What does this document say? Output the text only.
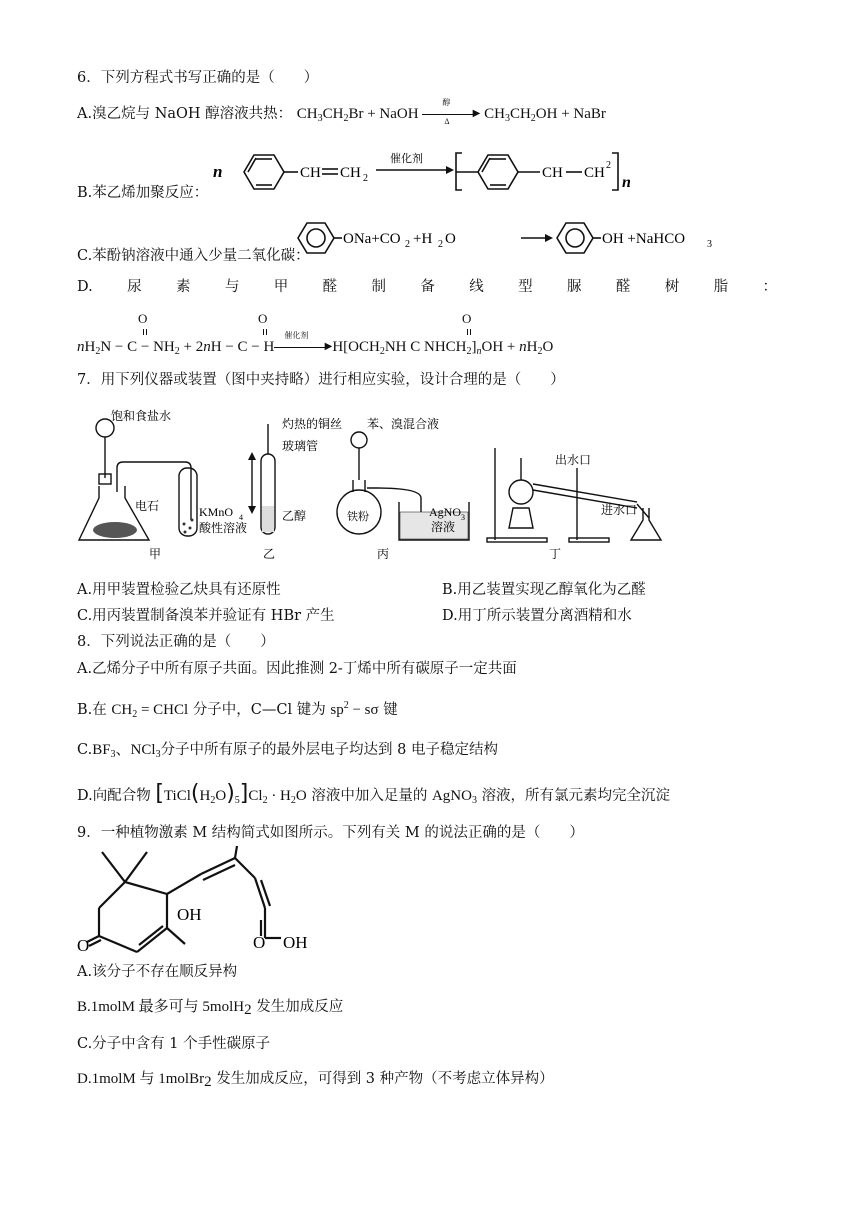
6．下列方程式书写正确的是（　　）
A.溴乙烷与 NaOH 醇溶液共热： $CH_3CH_2Br$ + NaOH	▶
醇
Δ $CH_3CH_2OH$ + NaBr
B.苯乙烯加聚反应：
n	CH CH 2
催化剂
CH CH 2
n
C.苯酚钠溶液中通入少量二氧化碳：
ONa+CO 2 +H 2 O	OH +NaHCO 3
D. 尿 素 与 甲 醛 制 备 线 型 脲 醛 树 脂 ：
O	O	O
$nH_2N - C - NH_2 + 2nH - C - H$	▶
催化剂
$H[OCH_2NH$ C $NHCH_2]_nOH + nH_2O$
7．用下列仪器或装置（图中夹持略）进行相应实验，设计合理的是（　　）
饱和食盐水
电石	KMnO 4
酸性溶液
甲
灼热的铜丝
玻璃管
乙醇
乙
苯、溴混合液
铁粉	AgNO 3
溶液
丙
出水口
进水口
丁
A.用甲装置检验乙炔具有还原性	B.用乙装置实现乙醇氧化为乙醛
C.用丙装置制备溴苯并验证有 HBr 产生	D.用丁所示装置分离酒精和水
8．下列说法正确的是（　　）
A.乙烯分子中所有原子共面。因此推测 2-丁烯中所有碳原子一定共面
B.在 $CH_2$ = CHCl 分子中，C—Cl 键为 $sp^2 - s\sigma$ 键
$C.BF_3$、NCl$_3$分子中所有原子的最外层电子均达到 8 电子稳定结构
D.向配合物 $[TiCl(H_2O)_5]Cl_2 \cdot H_2O$ 溶液中加入足量的 AgNO$_3$ 溶液，所有氯元素均完全沉淀
9．一种植物激素 M 结构简式如图所示。下列有关 M 的说法正确的是（　　）
OH
O	O OH
A.该分子不存在顺反异构
B.1molM 最多可与 5molH$_2$ 发生加成反应
C.分子中含有 1 个手性碳原子
D.1molM 与 1molBr$_2$ 发生加成反应，可得到 3 种产物（不考虑立体异构）
